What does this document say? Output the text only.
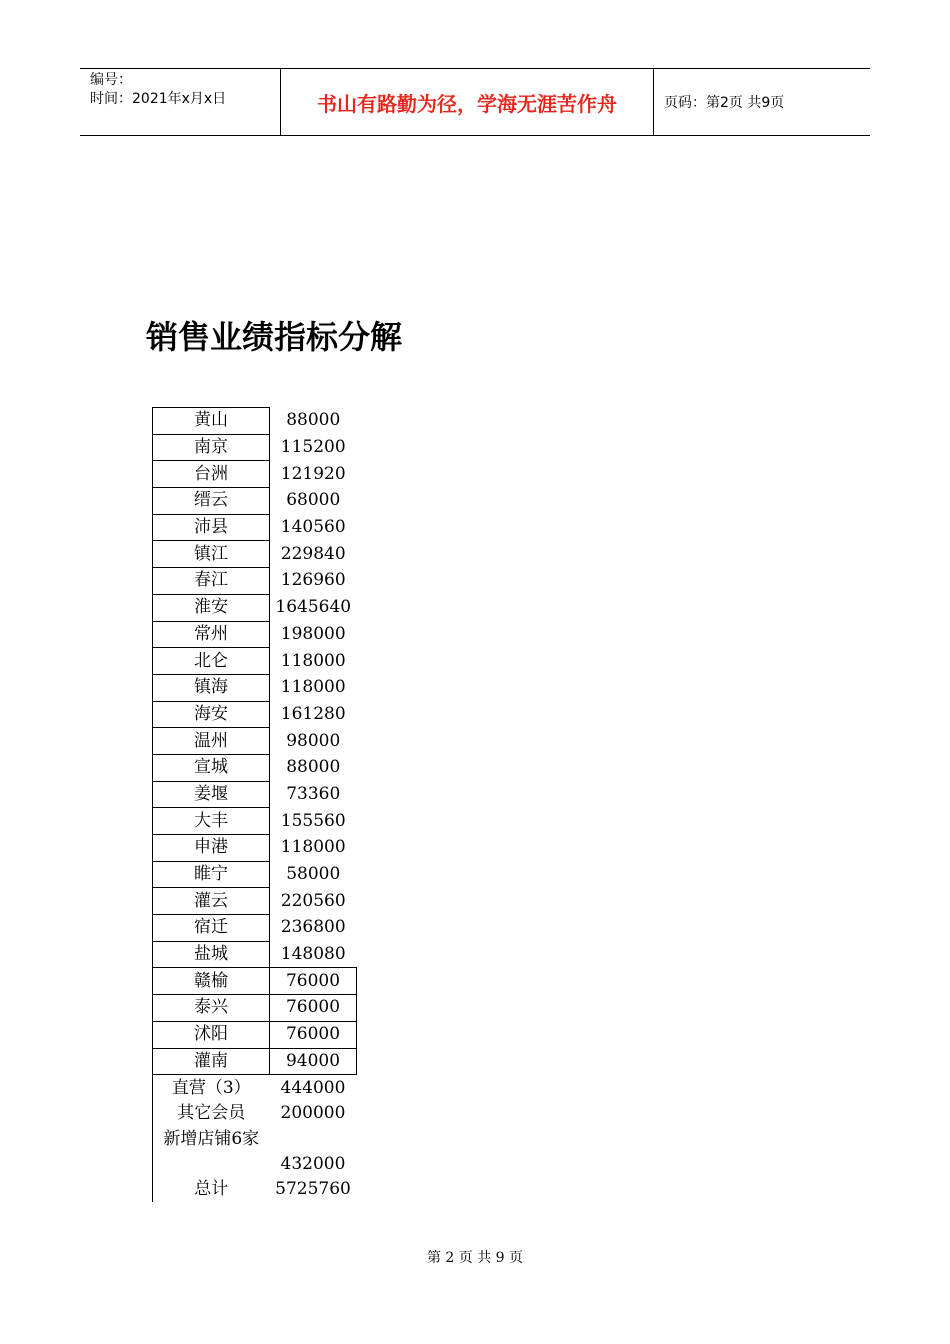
编号：
时间：2021年x月x日	书山有路勤为径，学海无涯苦作舟	页码：第2页 共9页
销售业绩指标分解
黄山	88000
南京	115200
台洲	121920
缙云	68000
沛县	140560
镇江	229840
春江	126960
淮安	1645640
常州	198000
北仑	118000
镇海	118000
海安	161280
温州	98000
宣城	88000
姜堰	73360
大丰	155560
申港	118000
睢宁	58000
灌云	220560
宿迁	236800
盐城	148080
赣榆	76000
泰兴	76000
沭阳	76000
灌南	94000
直营（3）	444000
其它会员	200000
新增店铺6家	432000
总计	5725760
第 2 页 共 9 页
